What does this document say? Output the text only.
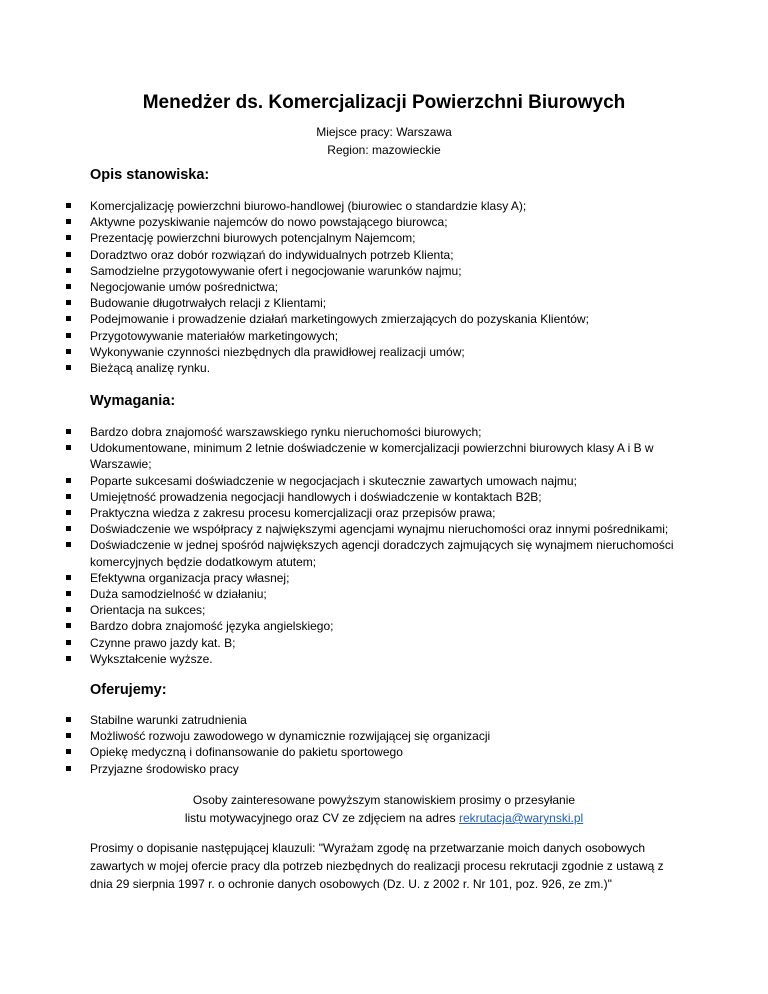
Menedżer ds. Komercjalizacji Powierzchni Biurowych
Miejsce pracy: Warszawa
Region: mazowieckie
Opis stanowiska:
Komercjalizację powierzchni biurowo-handlowej (biurowiec o standardzie klasy A);
Aktywne pozyskiwanie najemców do nowo powstającego biurowca;
Prezentację powierzchni biurowych potencjalnym Najemcom;
Doradztwo oraz dobór rozwiązań do indywidualnych potrzeb Klienta;
Samodzielne przygotowywanie ofert i negocjowanie warunków najmu;
Negocjowanie umów pośrednictwa;
Budowanie długotrwałych relacji z Klientami;
Podejmowanie i prowadzenie działań marketingowych zmierzających do pozyskania Klientów;
Przygotowywanie materiałów marketingowych;
Wykonywanie czynności niezbędnych dla prawidłowej realizacji umów;
Bieżącą analizę rynku.
Wymagania:
Bardzo dobra znajomość warszawskiego rynku nieruchomości biurowych;
Udokumentowane, minimum 2 letnie doświadczenie w komercjalizacji powierzchni biurowych klasy A i B w Warszawie;
Poparte sukcesami doświadczenie w negocjacjach i skutecznie zawartych umowach najmu;
Umiejętność prowadzenia negocjacji handlowych i doświadczenie w kontaktach B2B;
Praktyczna wiedza z zakresu procesu komercjalizacji oraz przepisów prawa;
Doświadczenie we współpracy z największymi agencjami wynajmu nieruchomości oraz innymi pośrednikami;
Doświadczenie w jednej spośród największych agencji doradczych zajmujących się wynajmem nieruchomości komercyjnych będzie dodatkowym atutem;
Efektywna organizacja pracy własnej;
Duża samodzielność w działaniu;
Orientacja na sukces;
Bardzo dobra znajomość języka angielskiego;
Czynne prawo jazdy kat. B;
Wykształcenie wyższe.
Oferujemy:
Stabilne warunki zatrudnienia
Możliwość rozwoju zawodowego w dynamicznie rozwijającej się organizacji
Opiekę medyczną i dofinansowanie do pakietu sportowego
Przyjazne środowisko pracy
Osoby zainteresowane powyższym stanowiskiem prosimy o przesyłanie
listu motywacyjnego oraz CV ze zdjęciem na adres rekrutacja@warynski.pl
Prosimy o dopisanie następującej klauzuli: "Wyrażam zgodę na przetwarzanie moich danych osobowych zawartych w mojej ofercie pracy dla potrzeb niezbędnych do realizacji procesu rekrutacji zgodnie z ustawą z dnia 29 sierpnia 1997 r. o ochronie danych osobowych (Dz. U. z 2002 r. Nr 101, poz. 926, ze zm.)"
